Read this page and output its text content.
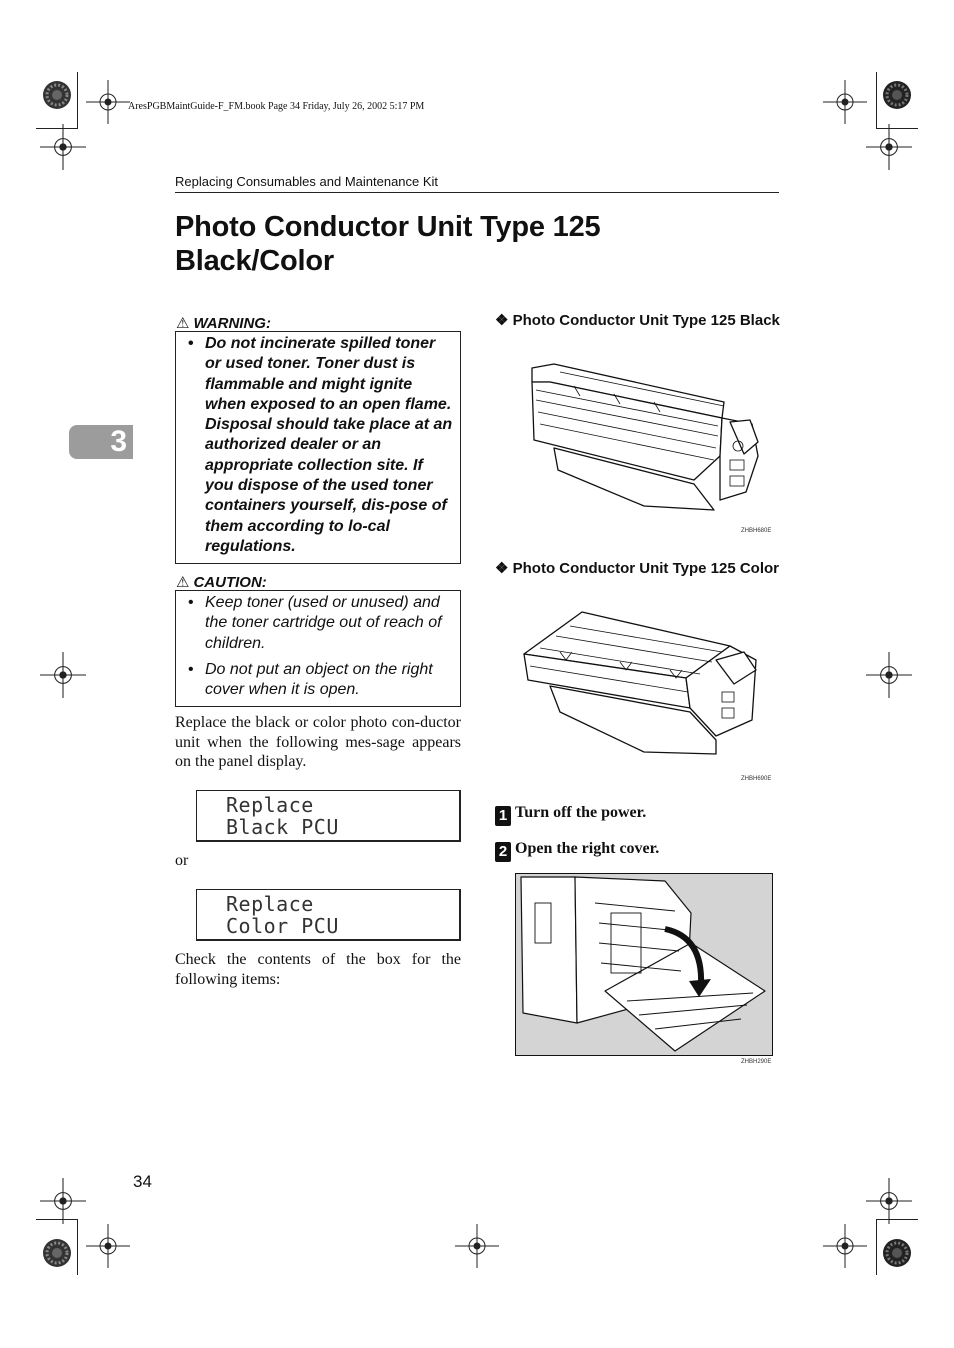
AresPGBMaintGuide-F_FM.book Page 34 Friday, July 26, 2002 5:17 PM
Replacing Consumables and Maintenance Kit
3
Photo Conductor Unit Type 125
Black/Color
⚠ WARNING:
• Do not incinerate spilled toner or used toner. Toner dust is flammable and might ignite when exposed to an open flame. Disposal should take place at an authorized dealer or an appropriate collection site. If you dispose of the used toner containers yourself, dis-pose of them according to lo-cal regulations.
⚠ CAUTION:
• Keep toner (used or unused) and the toner cartridge out of reach of children.
• Do not put an object on the right cover when it is open.
Replace the black or color photo con-ductor unit when the following mes-sage appears on the panel display.
Replace
Black PCU
or
Replace
Color PCU
Check the contents of the box for the following items:
❖ Photo Conductor Unit Type 125 Black
ZHBH680E
❖ Photo Conductor Unit Type 125 Color
ZHBH690E
1 Turn off the power.
2 Open the right cover.
ZHBH290E
34
